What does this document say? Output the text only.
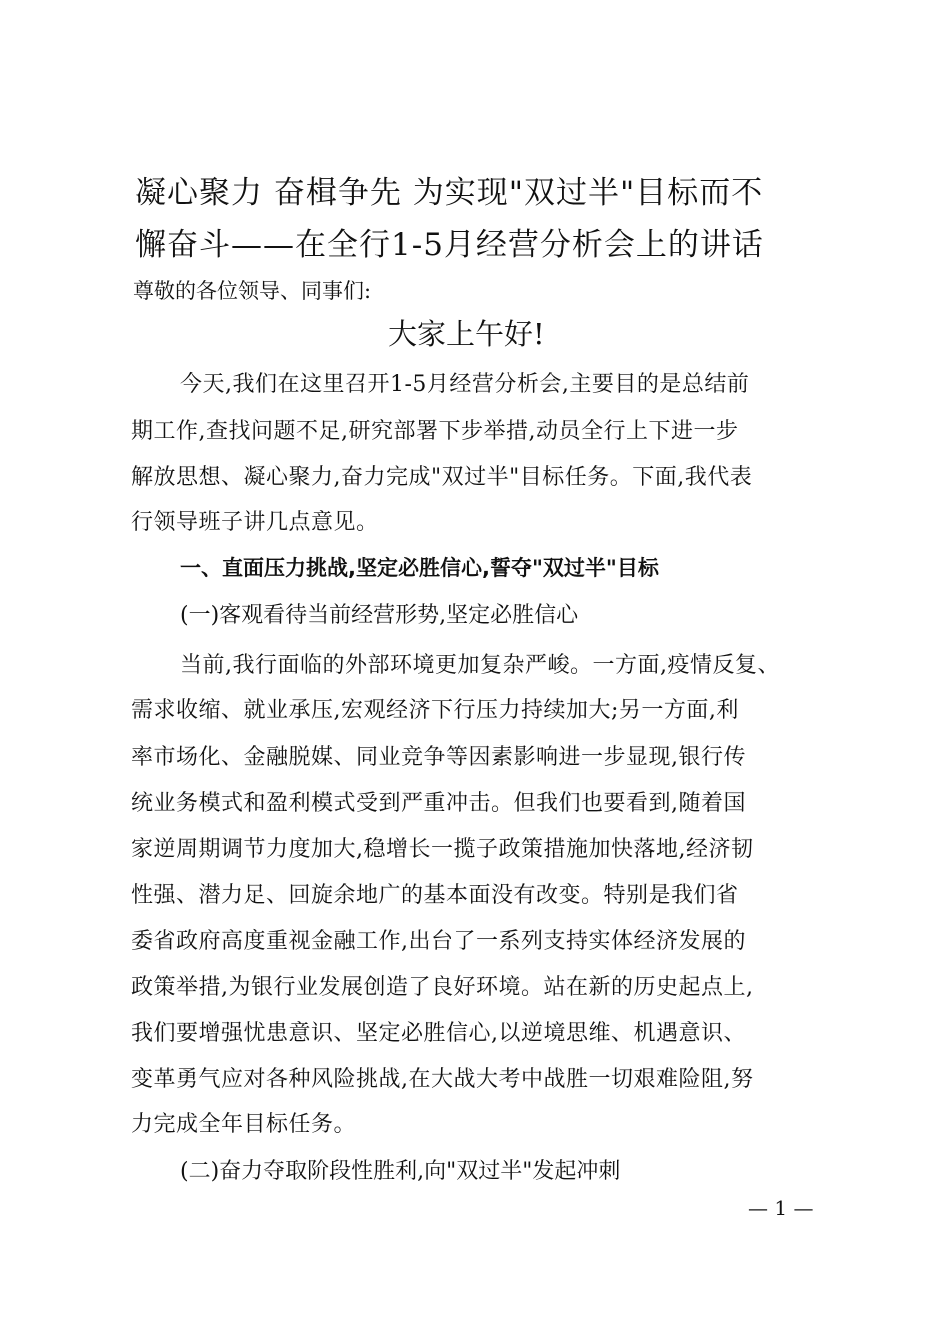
凝心聚力 奋楫争先 为实现"双过半"目标而不
懈奋斗——在全行1-5月经营分析会上的讲话
尊敬的各位领导、同事们:
大家上午好!
今天,我们在这里召开1-5月经营分析会,主要目的是总结前
期工作,查找问题不足,研究部署下步举措,动员全行上下进一步
解放思想、凝心聚力,奋力完成"双过半"目标任务。下面,我代表
行领导班子讲几点意见。
一、直面压力挑战,坚定必胜信心,誓夺"双过半"目标
(一)客观看待当前经营形势,坚定必胜信心
当前,我行面临的外部环境更加复杂严峻。一方面,疫情反复、
需求收缩、就业承压,宏观经济下行压力持续加大;另一方面,利
率市场化、金融脱媒、同业竞争等因素影响进一步显现,银行传
统业务模式和盈利模式受到严重冲击。但我们也要看到,随着国
家逆周期调节力度加大,稳增长一揽子政策措施加快落地,经济韧
性强、潜力足、回旋余地广的基本面没有改变。特别是我们省
委省政府高度重视金融工作,出台了一系列支持实体经济发展的
政策举措,为银行业发展创造了良好环境。站在新的历史起点上,
我们要增强忧患意识、坚定必胜信心,以逆境思维、机遇意识、
变革勇气应对各种风险挑战,在大战大考中战胜一切艰难险阻,努
力完成全年目标任务。
(二)奋力夺取阶段性胜利,向"双过半"发起冲刺
— 1 —
